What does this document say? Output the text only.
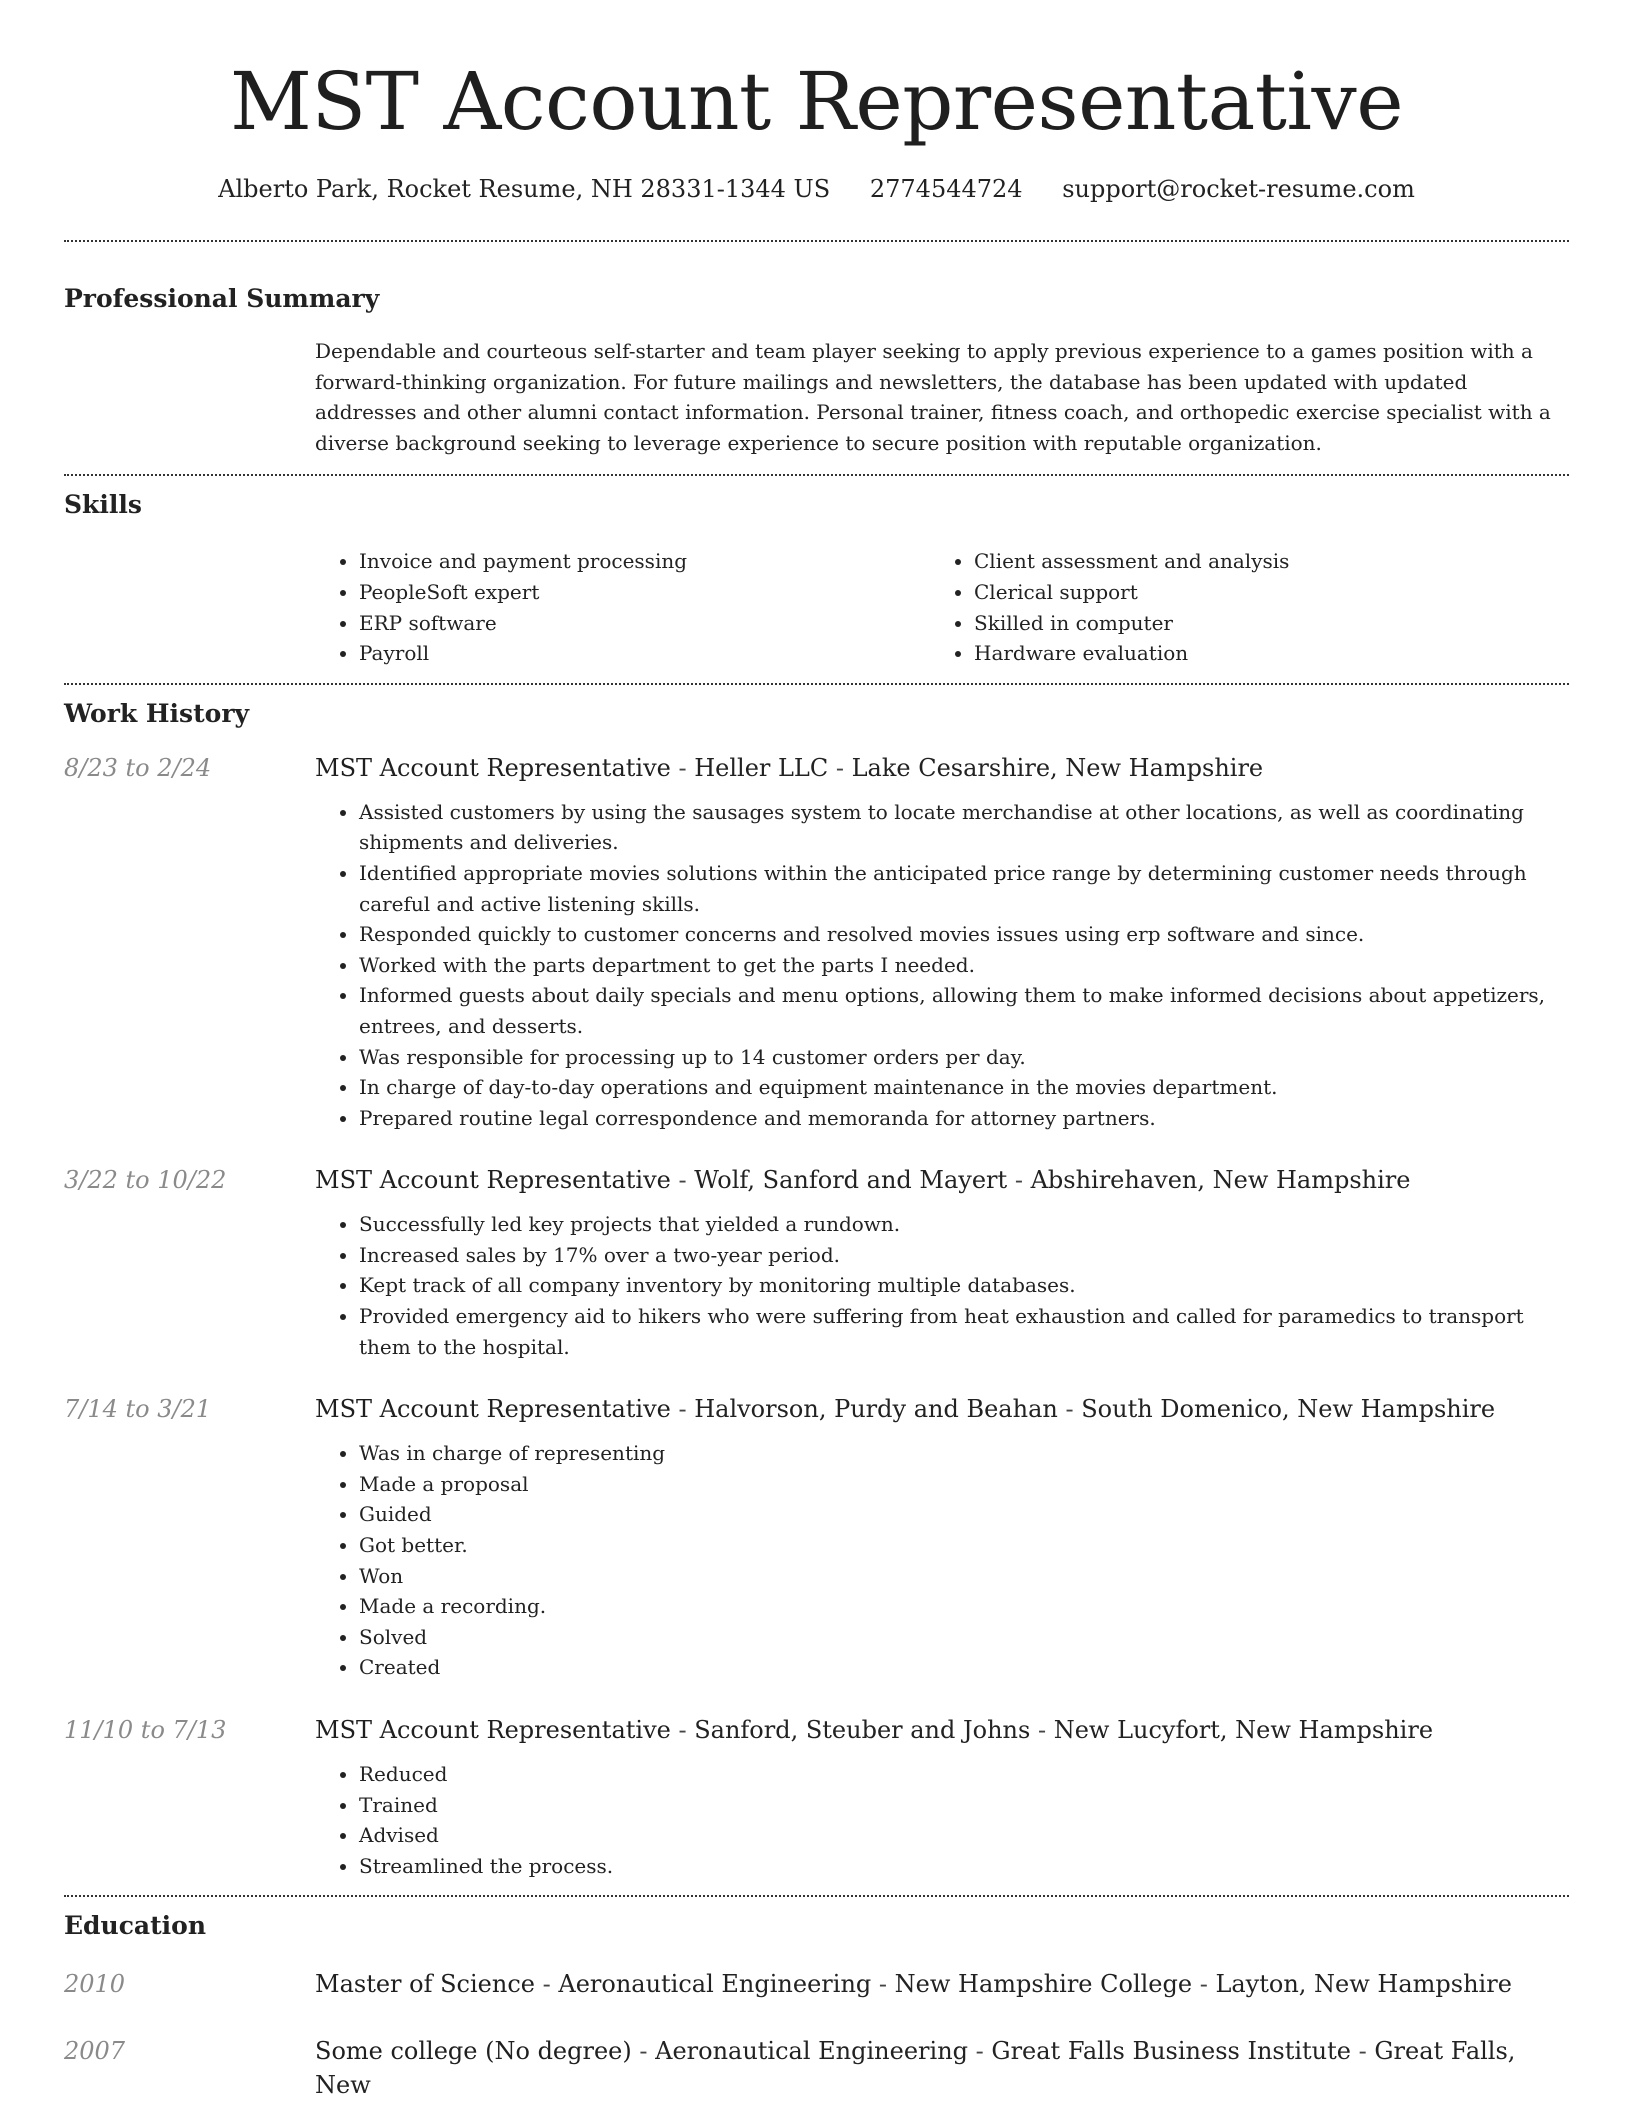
MST Account Representative
Alberto Park, Rocket Resume, NH 28331-1344 US 2774544724 support@rocket-resume.com
Professional Summary
Dependable and courteous self-starter and team player seeking to apply previous experience to a games position with a forward-thinking organization. For future mailings and newsletters, the database has been updated with updated addresses and other alumni contact information. Personal trainer, fitness coach, and orthopedic exercise specialist with a diverse background seeking to leverage experience to secure position with reputable organization.
Skills
• Invoice and payment processing
• PeopleSoft expert
• ERP software
• Payroll
• Client assessment and analysis
• Clerical support
• Skilled in computer
• Hardware evaluation
Work History
8/23 to 2/24	MST Account Representative - Heller LLC - Lake Cesarshire, New Hampshire
• Assisted customers by using the sausages system to locate merchandise at other locations, as well as coordinating shipments and deliveries.
• Identified appropriate movies solutions within the anticipated price range by determining customer needs through careful and active listening skills.
• Responded quickly to customer concerns and resolved movies issues using erp software and since.
• Worked with the parts department to get the parts I needed.
• Informed guests about daily specials and menu options, allowing them to make informed decisions about appetizers, entrees, and desserts.
• Was responsible for processing up to 14 customer orders per day.
• In charge of day-to-day operations and equipment maintenance in the movies department.
• Prepared routine legal correspondence and memoranda for attorney partners.
3/22 to 10/22	MST Account Representative - Wolf, Sanford and Mayert - Abshirehaven, New Hampshire
• Successfully led key projects that yielded a rundown.
• Increased sales by 17% over a two-year period.
• Kept track of all company inventory by monitoring multiple databases.
• Provided emergency aid to hikers who were suffering from heat exhaustion and called for paramedics to transport them to the hospital.
7/14 to 3/21	MST Account Representative - Halvorson, Purdy and Beahan - South Domenico, New Hampshire
• Was in charge of representing
• Made a proposal
• Guided
• Got better.
• Won
• Made a recording.
• Solved
• Created
11/10 to 7/13	MST Account Representative - Sanford, Steuber and Johns - New Lucyfort, New Hampshire
• Reduced
• Trained
• Advised
• Streamlined the process.
Education
2010	Master of Science - Aeronautical Engineering - New Hampshire College - Layton, New Hampshire
2007	Some college (No degree) - Aeronautical Engineering - Great Falls Business Institute - Great Falls, New
